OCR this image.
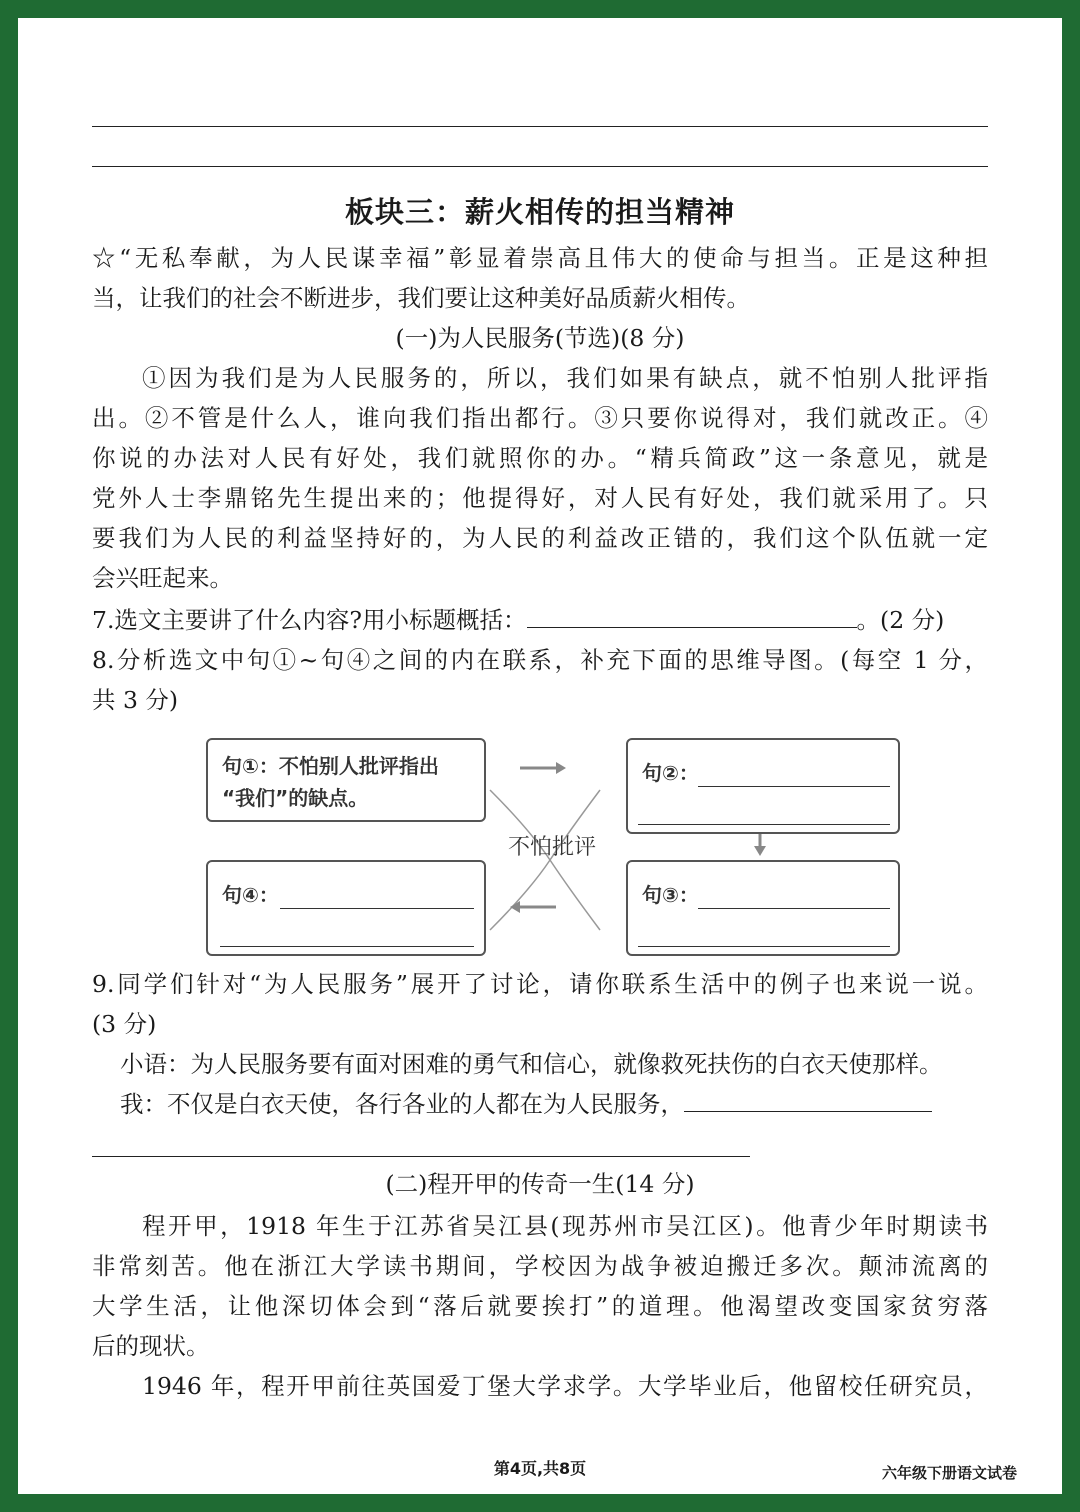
板块三：薪火相传的担当精神
☆“无私奉献，为人民谋幸福”彰显着崇高且伟大的使命与担当。正是这种担
当，让我们的社会不断进步，我们要让这种美好品质薪火相传。
(一)为人民服务(节选)(8 分)
①因为我们是为人民服务的，所以，我们如果有缺点，就不怕别人批评指
出。②不管是什么人，谁向我们指出都行。③只要你说得对，我们就改正。④
你说的办法对人民有好处，我们就照你的办。“精兵简政”这一条意见，就是
党外人士李鼎铭先生提出来的；他提得好，对人民有好处，我们就采用了。只
要我们为人民的利益坚持好的，为人民的利益改正错的，我们这个队伍就一定
会兴旺起来。
7.选文主要讲了什么内容?用小标题概括：	。(2 分)
8.分析选文中句①~句④之间的内在联系，补充下面的思维导图。(每空 1 分，
共 3 分)
句①：不怕别人批评指出
“我们”的缺点。
句②：
句④：	句③：
不怕批评
9.同学们针对“为人民服务”展开了讨论，请你联系生活中的例子也来说一说。
(3 分)
小语：为人民服务要有面对困难的勇气和信心，就像救死扶伤的白衣天使那样。
我：不仅是白衣天使，各行各业的人都在为人民服务，
(二)程开甲的传奇一生(14 分)
程开甲，1918 年生于江苏省吴江县(现苏州市吴江区)。他青少年时期读书
非常刻苦。他在浙江大学读书期间，学校因为战争被迫搬迁多次。颠沛流离的
大学生活，让他深切体会到“落后就要挨打”的道理。他渴望改变国家贫穷落
后的现状。
1946 年，程开甲前往英国爱丁堡大学求学。大学毕业后，他留校任研究员，
第4页,共8页	六年级下册语文试卷
